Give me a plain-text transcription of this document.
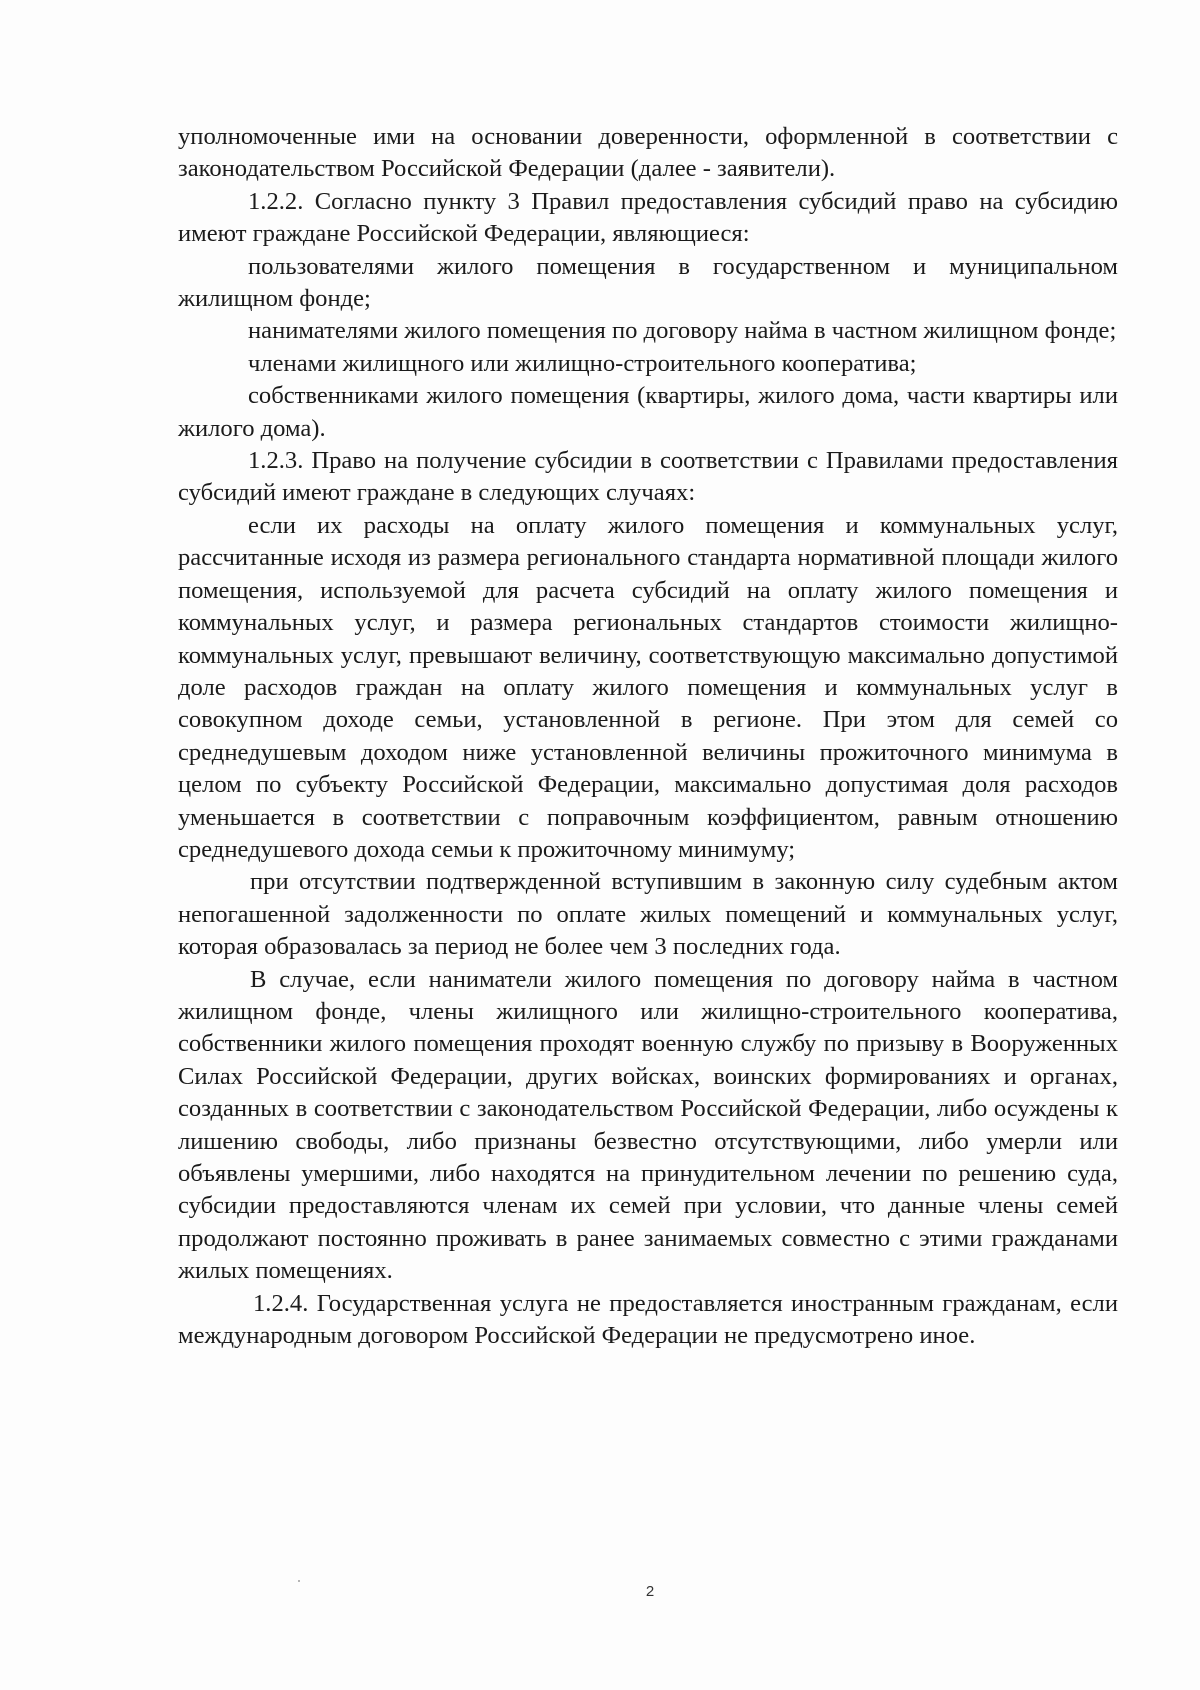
уполномоченные ими на основании доверенности, оформленной в соответствии с законодательством Российской Федерации (далее - заявители).

1.2.2. Согласно пункту 3 Правил предоставления субсидий право на субсидию имеют граждане Российской Федерации, являющиеся:

пользователями жилого помещения в государственном и муниципальном жилищном фонде;

нанимателями жилого помещения по договору найма в частном жилищном фонде;

членами жилищного или жилищно-строительного кооператива;

собственниками жилого помещения (квартиры, жилого дома, части квартиры или жилого дома).

1.2.3. Право на получение субсидии в соответствии с Правилами предоставления субсидий имеют граждане в следующих случаях:

если их расходы на оплату жилого помещения и коммунальных услуг, рассчитанные исходя из размера регионального стандарта нормативной площади жилого помещения, используемой для расчета субсидий на оплату жилого помещения и коммунальных услуг, и размера региональных стандартов стоимости жилищно-коммунальных услуг, превышают величину, соответствующую максимально допустимой доле расходов граждан на оплату жилого помещения и коммунальных услуг в совокупном доходе семьи, установленной в регионе. При этом для семей со среднедушевым доходом ниже установленной величины прожиточного минимума в целом по субъекту Российской Федерации, максимально допустимая доля расходов уменьшается в соответствии с поправочным коэффициентом, равным отношению среднедушевого дохода семьи к прожиточному минимуму;

при отсутствии подтвержденной вступившим в законную силу судебным актом непогашенной задолженности по оплате жилых помещений и коммунальных услуг, которая образовалась за период не более чем 3 последних года.

В случае, если наниматели жилого помещения по договору найма в частном жилищном фонде, члены жилищного или жилищно-строительного кооператива, собственники жилого помещения проходят военную службу по призыву в Вооруженных Силах Российской Федерации, других войсках, воинских формированиях и органах, созданных в соответствии с законодательством Российской Федерации, либо осуждены к лишению свободы, либо признаны безвестно отсутствующими, либо умерли или объявлены умершими, либо находятся на принудительном лечении по решению суда, субсидии предоставляются членам их семей при условии, что данные члены семей продолжают постоянно проживать в ранее занимаемых совместно с этими гражданами жилых помещениях.

1.2.4. Государственная услуга не предоставляется иностранным гражданам, если международным договором Российской Федерации не предусмотрено иное.

2
